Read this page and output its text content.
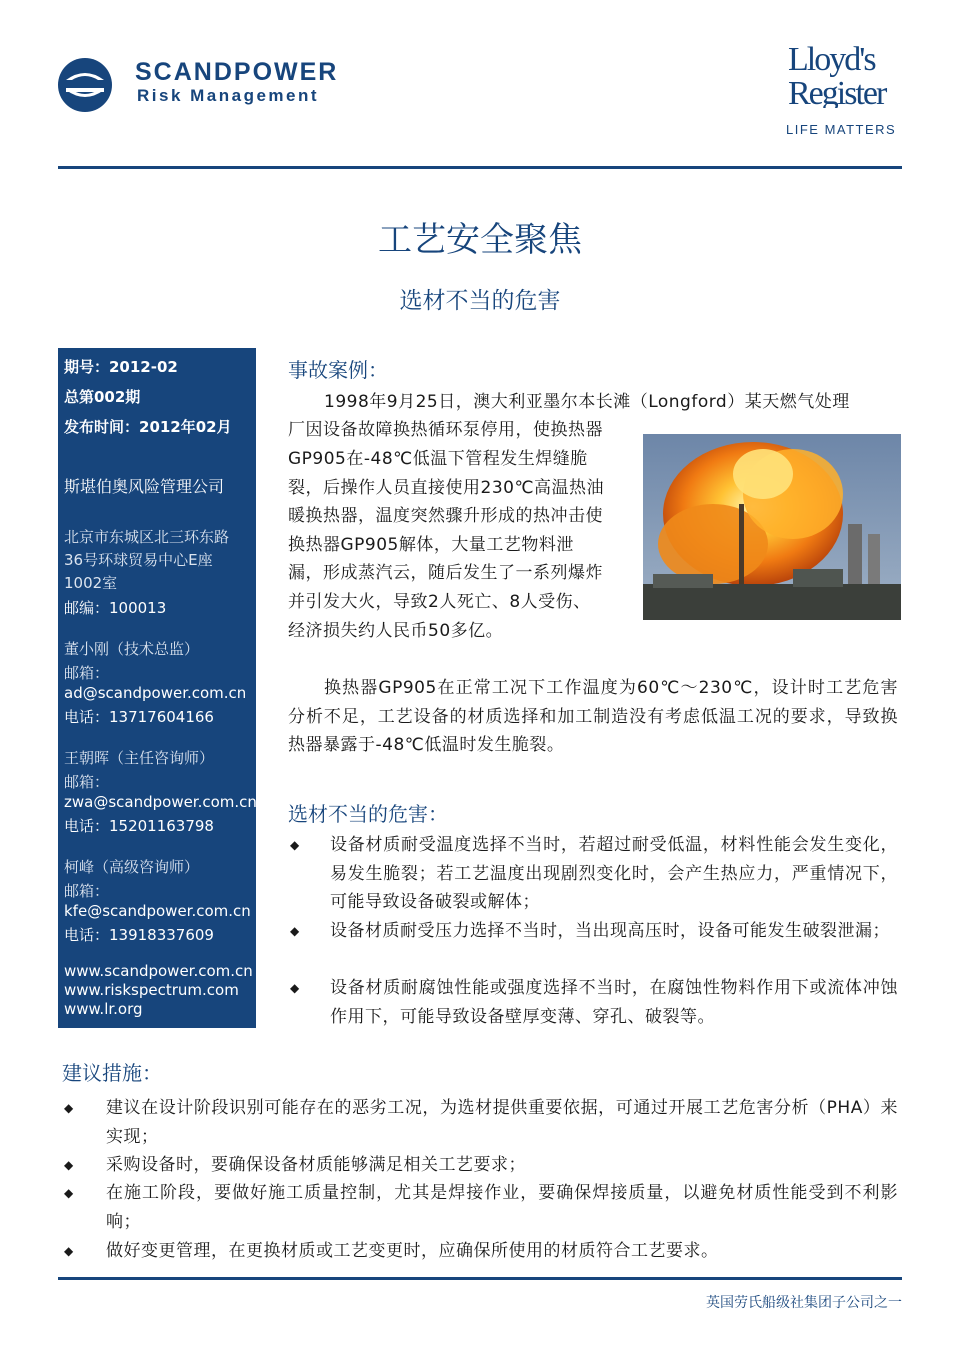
SCANDPOWER
Risk Management
Lloyd's
Register
LIFE MATTERS
工艺安全聚焦
选材不当的危害
期号：2012-02
总第002期
发布时间：2012年02月
斯堪伯奥风险管理公司
北京市东城区北三环东路
36号环球贸易中心E座
1002室
邮编：100013
董小刚（技术总监）
邮箱：
ad@scandpower.com.cn
电话：13717604166
王朝晖（主任咨询师）
邮箱：
zwa@scandpower.com.cn
电话：15201163798
柯峰（高级咨询师）
邮箱：
kfe@scandpower.com.cn
电话：13918337609
www.scandpower.com.cn
www.riskspectrum.com
www.lr.org
事故案例：
1998年9月25日，澳大利亚墨尔本长滩（Longford）某天燃气处理
厂因设备故障换热循环泵停用，使换热器
GP905在-48℃低温下管程发生焊缝脆
裂，后操作人员直接使用230℃高温热油
暖换热器，温度突然骤升形成的热冲击使
换热器GP905解体，大量工艺物料泄
漏，形成蒸汽云，随后发生了一系列爆炸
并引发大火，导致2人死亡、8人受伤、
经济损失约人民币50多亿。
换热器GP905在正常工况下工作温度为60℃～230℃，设计时工艺危害分析不足，工艺设备的材质选择和加工制造没有考虑低温工况的要求，导致换热器暴露于-48℃低温时发生脆裂。
选材不当的危害：
◆ 设备材质耐受温度选择不当时，若超过耐受低温，材料性能会发生变化，易发生脆裂；若工艺温度出现剧烈变化时，会产生热应力，严重情况下，可能导致设备破裂或解体；
◆ 设备材质耐受压力选择不当时，当出现高压时，设备可能发生破裂泄漏；
◆ 设备材质耐腐蚀性能或强度选择不当时，在腐蚀性物料作用下或流体冲蚀作用下，可能导致设备壁厚变薄、穿孔、破裂等。
建议措施：
◆ 建议在设计阶段识别可能存在的恶劣工况，为选材提供重要依据，可通过开展工艺危害分析（PHA）来实现；
◆ 采购设备时，要确保设备材质能够满足相关工艺要求；
◆ 在施工阶段，要做好施工质量控制，尤其是焊接作业，要确保焊接质量，以避免材质性能受到不利影响；
◆ 做好变更管理，在更换材质或工艺变更时，应确保所使用的材质符合工艺要求。
英国劳氏船级社集团子公司之一
